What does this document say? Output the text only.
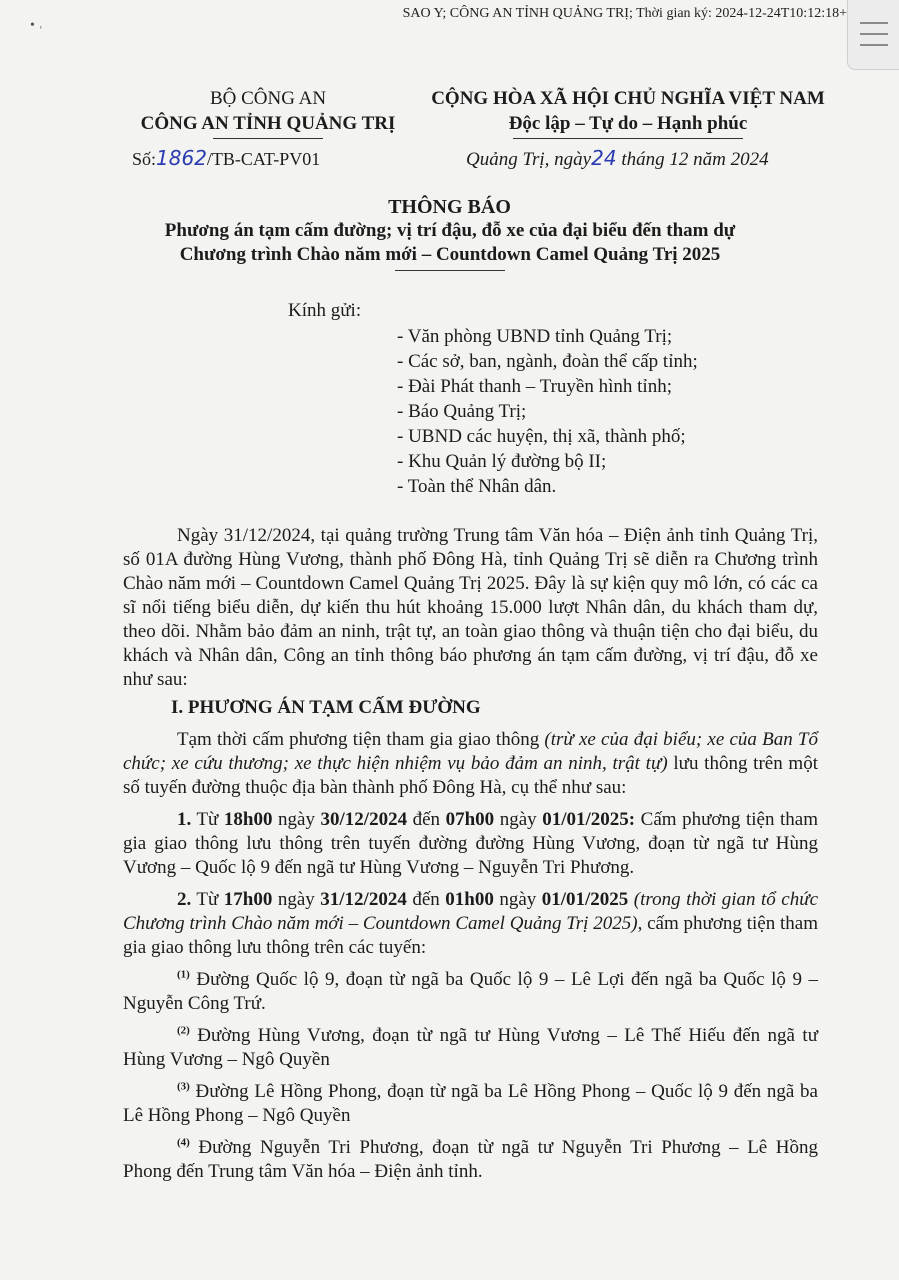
• ˒
SAO Y; CÔNG AN TỈNH QUẢNG TRỊ; Thời gian ký: 2024-12-24T10:12:18+
BỘ CÔNG AN
CÔNG AN TỈNH QUẢNG TRỊ
CỘNG HÒA XÃ HỘI CHỦ NGHĨA VIỆT NAM
Độc lập – Tự do – Hạnh phúc
Số:1862/TB-CAT-PV01	Quảng Trị, ngày24 tháng 12 năm 2024
THÔNG BÁO
Phương án tạm cấm đường; vị trí đậu, đỗ xe của đại biểu đến tham dự
Chương trình Chào năm mới – Countdown Camel Quảng Trị 2025
Kính gửi:
- Văn phòng UBND tỉnh Quảng Trị;
- Các sở, ban, ngành, đoàn thể cấp tỉnh;
- Đài Phát thanh – Truyền hình tỉnh;
- Báo Quảng Trị;
- UBND các huyện, thị xã, thành phố;
- Khu Quản lý đường bộ II;
- Toàn thể Nhân dân.

Ngày 31/12/2024, tại quảng trường Trung tâm Văn hóa – Điện ảnh tỉnh Quảng Trị, số 01A đường Hùng Vương, thành phố Đông Hà, tỉnh Quảng Trị sẽ diễn ra Chương trình Chào năm mới – Countdown Camel Quảng Trị 2025. Đây là sự kiện quy mô lớn, có các ca sĩ nổi tiếng biểu diễn, dự kiến thu hút khoảng 15.000 lượt Nhân dân, du khách tham dự, theo dõi. Nhằm bảo đảm an ninh, trật tự, an toàn giao thông và thuận tiện cho đại biểu, du khách và Nhân dân, Công an tỉnh thông báo phương án tạm cấm đường, vị trí đậu, đỗ xe như sau:

I. PHƯƠNG ÁN TẠM CẤM ĐƯỜNG

Tạm thời cấm phương tiện tham gia giao thông (trừ xe của đại biểu; xe của Ban Tổ chức; xe cứu thương; xe thực hiện nhiệm vụ bảo đảm an ninh, trật tự) lưu thông trên một số tuyến đường thuộc địa bàn thành phố Đông Hà, cụ thể như sau:

1. Từ 18h00 ngày 30/12/2024 đến 07h00 ngày 01/01/2025: Cấm phương tiện tham gia giao thông lưu thông trên tuyến đường đường Hùng Vương, đoạn từ ngã tư Hùng Vương – Quốc lộ 9 đến ngã tư Hùng Vương – Nguyễn Tri Phương.

2. Từ 17h00 ngày 31/12/2024 đến 01h00 ngày 01/01/2025 (trong thời gian tổ chức Chương trình Chào năm mới – Countdown Camel Quảng Trị 2025), cấm phương tiện tham gia giao thông lưu thông trên các tuyến:

$^{(1)}$ Đường Quốc lộ 9, đoạn từ ngã ba Quốc lộ 9 – Lê Lợi đến ngã ba Quốc lộ 9 – Nguyễn Công Trứ.

$^{(2)}$ Đường Hùng Vương, đoạn từ ngã tư Hùng Vương – Lê Thế Hiếu đến ngã tư Hùng Vương – Ngô Quyền

$^{(3)}$ Đường Lê Hồng Phong, đoạn từ ngã ba Lê Hồng Phong – Quốc lộ 9 đến ngã ba Lê Hồng Phong – Ngô Quyền

$^{(4)}$ Đường Nguyễn Tri Phương, đoạn từ ngã tư Nguyễn Tri Phương – Lê Hồng Phong đến Trung tâm Văn hóa – Điện ảnh tỉnh.
